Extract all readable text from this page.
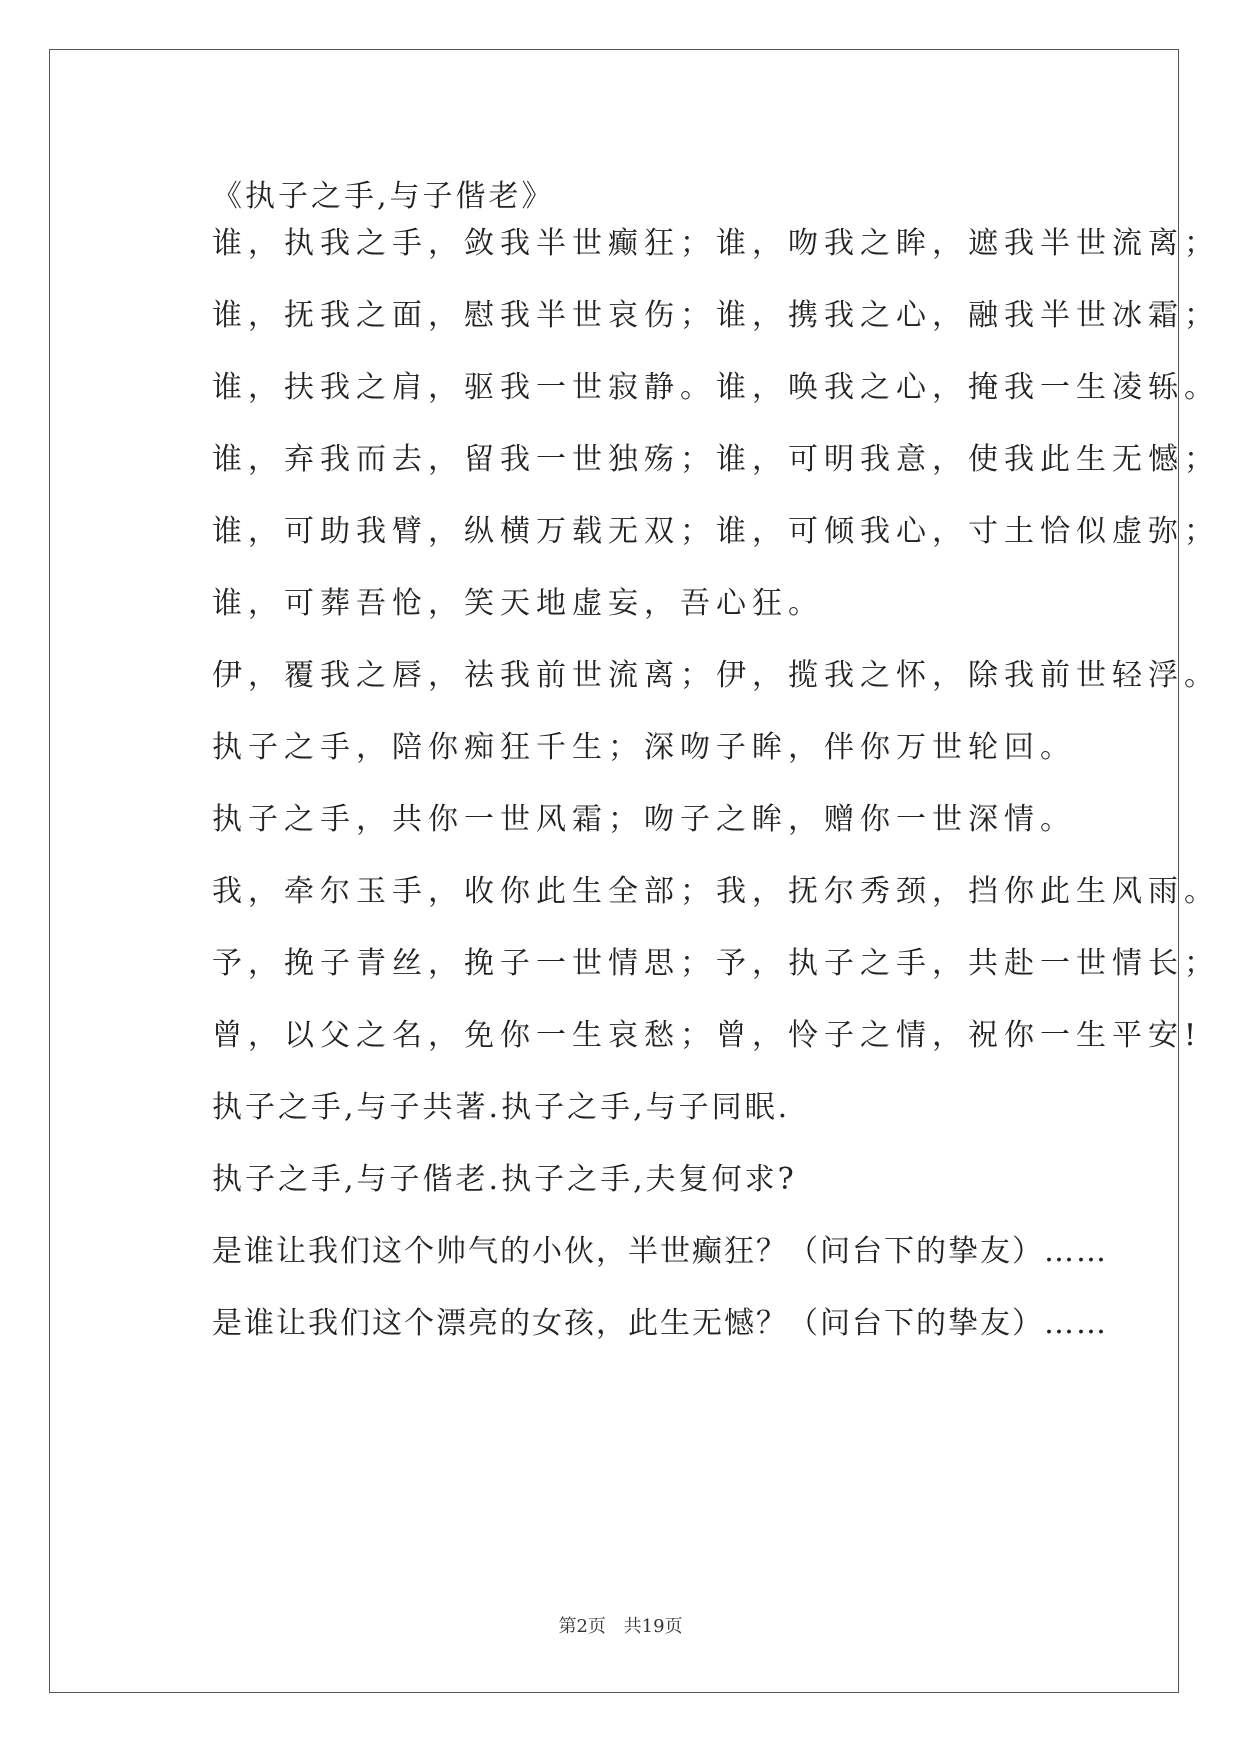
《执子之手,与子偕老》
谁，执我之手，敛我半世癫狂；谁，吻我之眸，遮我半世流离；
谁，抚我之面，慰我半世哀伤；谁，携我之心，融我半世冰霜；
谁，扶我之肩，驱我一世寂静。谁，唤我之心，掩我一生凌轹。
谁，弃我而去，留我一世独殇；谁，可明我意，使我此生无憾；
谁，可助我臂，纵横万载无双；谁，可倾我心，寸土恰似虚弥；
谁，可葬吾怆，笑天地虚妄，吾心狂。
伊，覆我之唇，祛我前世流离；伊，揽我之怀，除我前世轻浮。
执子之手，陪你痴狂千生；深吻子眸，伴你万世轮回。
执子之手，共你一世风霜；吻子之眸，赠你一世深情。
我，牵尔玉手，收你此生全部；我，抚尔秀颈，挡你此生风雨。
予，挽子青丝，挽子一世情思；予，执子之手，共赴一世情长；
曾，以父之名，免你一生哀愁；曾，怜子之情，祝你一生平安!
执子之手,与子共著.执子之手,与子同眠.
执子之手,与子偕老.执子之手,夫复何求?
是谁让我们这个帅气的小伙，半世癫狂？（问台下的挚友）……
是谁让我们这个漂亮的女孩，此生无憾？（问台下的挚友）……
第2页 共19页
